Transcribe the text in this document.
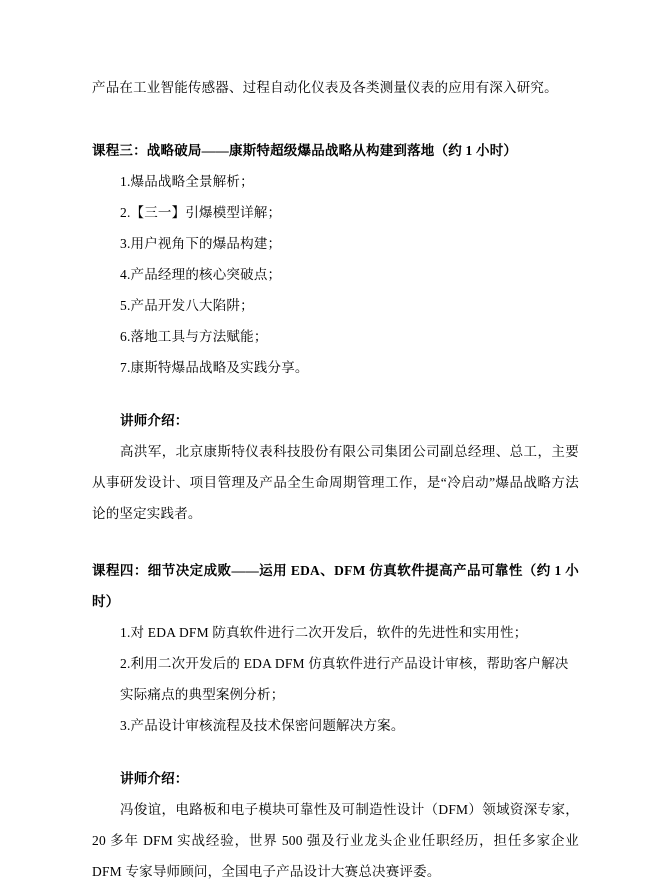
产品在工业智能传感器、过程自动化仪表及各类测量仪表的应用有深入研究。

课程三：战略破局——康斯特超级爆品战略从构建到落地（约 1 小时）

1.爆品战略全景解析；
2.【三一】引爆模型详解；
3.用户视角下的爆品构建；
4.产品经理的核心突破点；
5.产品开发八大陷阱；
6.落地工具与方法赋能；
7.康斯特爆品战略及实践分享。

讲师介绍：

高洪军，北京康斯特仪表科技股份有限公司集团公司副总经理、总工，主要从事研发设计、项目管理及产品全生命周期管理工作，是“冷启动”爆品战略方法论的坚定实践者。

课程四：细节决定成败——运用 EDA、DFM 仿真软件提高产品可靠性（约 1 小时）

1.对 EDA DFM 防真软件进行二次开发后，软件的先进性和实用性；
2.利用二次开发后的 EDA DFM 仿真软件进行产品设计审核，帮助客户解决实际痛点的典型案例分析；
3.产品设计审核流程及技术保密问题解决方案。

讲师介绍：

冯俊谊，电路板和电子模块可靠性及可制造性设计（DFM）领域资深专家，20 多年 DFM 实战经验，世界 500 强及行业龙头企业任职经历，担任多家企业 DFM 专家导师顾问，全国电子产品设计大赛总决赛评委。
